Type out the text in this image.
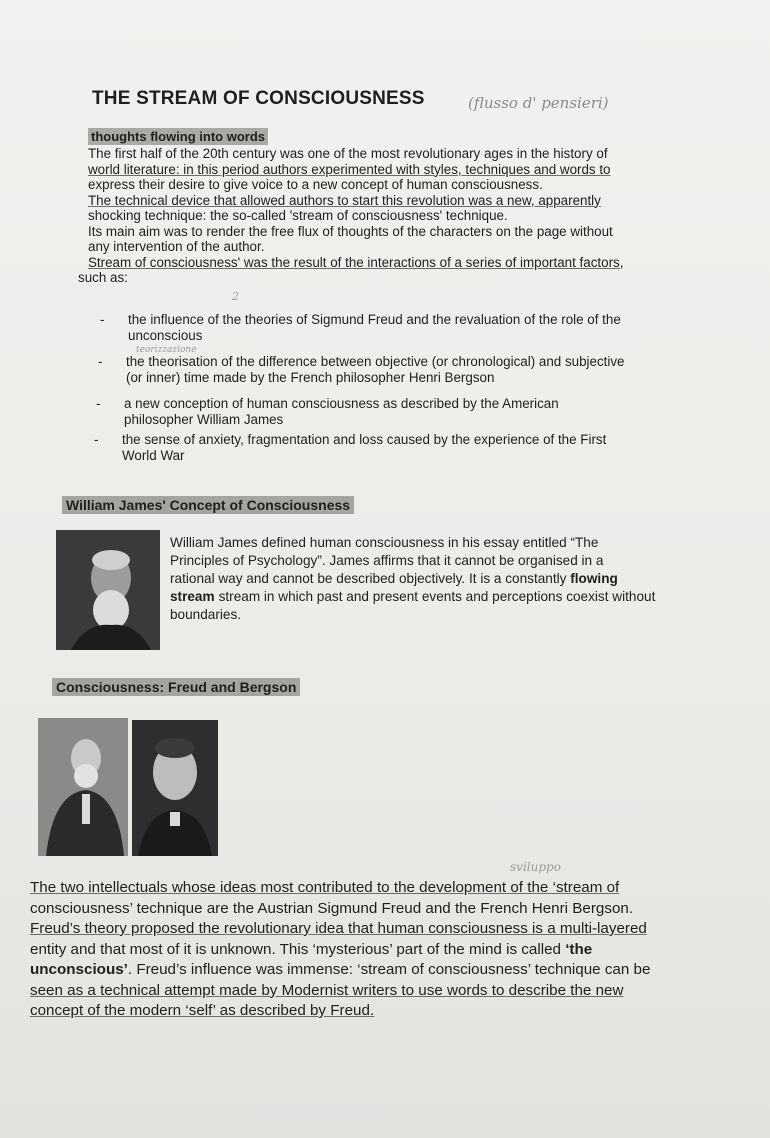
THE STREAM OF CONSCIOUSNESS	(flusso d' pensieri)
thoughts flowing into words
The first half of the 20th century was one of the most revolutionary ages in the history of
world literature: in this period authors experimented with styles, techniques and words to
express their desire to give voice to a new concept of human consciousness.
The technical device that allowed authors to start this revolution was a new, apparently
shocking technique: the so-called 'stream of consciousness' technique.
Its main aim was to render the free flux of thoughts of the characters on the page without
any intervention of the author.
Stream of consciousness' was the result of the interactions of a series of important factors,
such as:
2
- the influence of the theories of Sigmund Freud and the revaluation of the role of the
unconscious
teorizzazione
- the theorisation of the difference between objective (or chronological) and subjective
(or inner) time made by the French philosopher Henri Bergson
- a new conception of human consciousness as described by the American
philosopher William James
- the sense of anxiety, fragmentation and loss caused by the experience of the First
World War
William James' Concept of Consciousness
William James defined human consciousness in his essay entitled “The
Principles of Psychology”. James affirms that it cannot be organised in a
rational way and cannot be described objectively. It is a constantly flowing
stream stream in which past and present events and perceptions coexist without
boundaries.
Consciousness: Freud and Bergson
sviluppo
The two intellectuals whose ideas most contributed to the development of the ‘stream of
consciousness’ technique are the Austrian Sigmund Freud and the French Henri Bergson.
Freud’s theory proposed the revolutionary idea that human consciousness is a multi-layered
entity and that most of it is unknown. This ‘mysterious’ part of the mind is called ‘the
unconscious’. Freud’s influence was immense: ‘stream of consciousness’ technique can be
seen as a technical attempt made by Modernist writers to use words to describe the new
concept of the modern ‘self’ as described by Freud.
